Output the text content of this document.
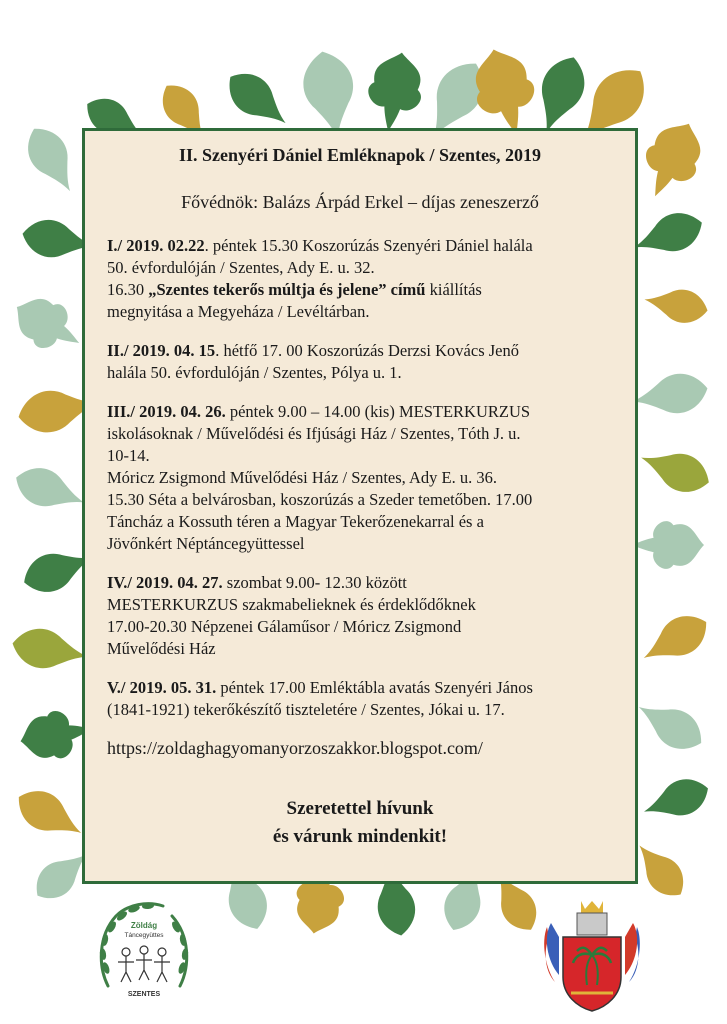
II. Szenyéri Dániel Emléknapok / Szentes, 2019
Fővédnök: Balázs Árpád Erkel – díjas zeneszerző

I./ 2019. 02.22. péntek 15.30 Koszorúzás Szenyéri Dániel halála

50. évfordulóján / Szentes, Ady E. u. 32.

16.30 „Szentes tekerős múltja és jelene” című kiállítás

megnyitása a Megyeháza / Levéltárban.

II./ 2019. 04. 15. hétfő 17. 00 Koszorúzás Derzsi Kovács Jenő

halála 50. évfordulóján / Szentes, Pólya u. 1.

III./ 2019. 04. 26. péntek 9.00 – 14.00 (kis) MESTERKURZUS

iskolásoknak / Művelődési és Ifjúsági Ház / Szentes, Tóth J. u.

10-14.

Móricz Zsigmond Művelődési Ház / Szentes, Ady E. u. 36.

15.30 Séta a belvárosban, koszorúzás a Szeder temetőben. 17.00

Táncház a Kossuth téren a Magyar Tekerőzenekarral és a

Jövőnkért Néptáncegyüttessel

IV./ 2019. 04. 27. szombat 9.00- 12.30 között

MESTERKURZUS szakmabelieknek és érdeklődőknek

17.00-20.30 Népzenei Gálaműsor / Móricz Zsigmond

Művelődési Ház

V./ 2019. 05. 31. péntek 17.00 Emléktábla avatás Szenyéri János

(1841-1921) tekerőkészítő tiszteletére / Szentes, Jókai u. 17.

https://zoldaghagyomanyorzoszakkor.blogspot.com/
Szeretettel hívunk
és várunk mindenkit!
Zöldág
Táncegyüttes
SZENTES
